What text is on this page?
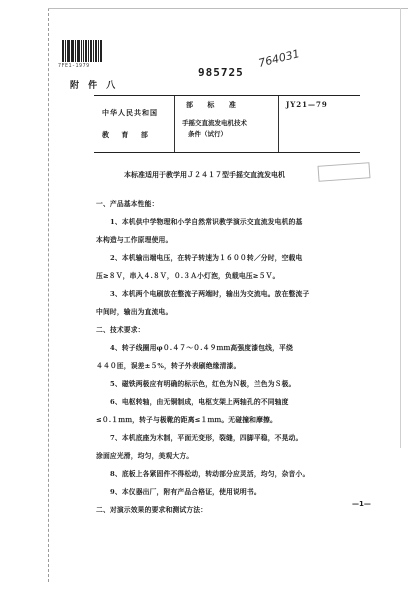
7FE1-1979
附 件 八
985725
764031
中华人民共和国
教 育 部
部 标 准
手摇交直流发电机技术
条件（试行）
JY21—79
本标准适用于教学用Ｊ２４１７型手摇交直流发电机
一、产品基本性能：
1、本机供中学物理和小学自然常识教学演示交直流发电机的基
本构造与工作原理使用。
2、本机输出端电压，在转子转速为１６００转／分时，空载电
压≥８Ｖ，串入４.８Ｖ，０.３Ａ小灯泡，负载电压≥５Ｖ。
3、本机两个电刷放在整流子两端时，输出为交流电。放在整流子
中间时，输出为直流电。
二、技术要求：
4、转子线圈用φ０.４７～０.４９ｍｍ高强度漆包线，平绕
４４０匝，误差±５%，转子外表刷绝缘清漆。
5、磁铁两极应有明确的标示色，红色为Ｎ极，兰色为Ｓ极。
6、电枢转轴，由无铜制成，电枢支架上两轴孔的不同轴度
≤０.１ｍｍ，转子与极靴的距离≤１ｍｍ。无碰撞和摩擦。
7、本机底座为木制，平面无变形，裂缝，四脚平稳，不晃动。
涂面应光滑，均匀，美观大方。
8、底板上各紧固件不得松动，转动部分应灵活，均匀，杂音小。
9、本仪器出厂，附有产品合格证，使用说明书。
二、对演示效果的要求和测试方法：
—1—
